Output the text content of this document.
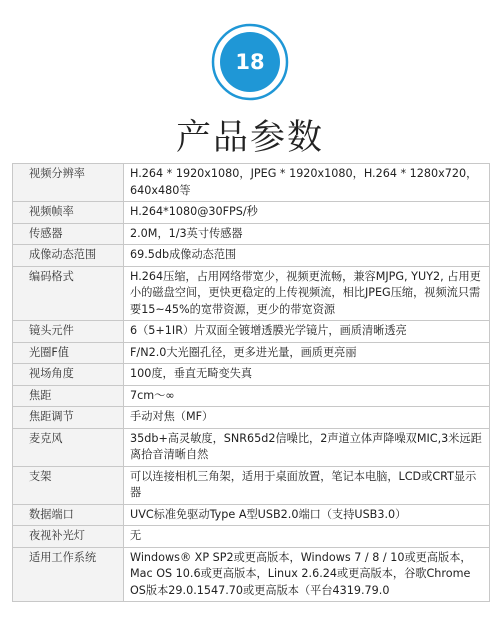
18
产品参数
视频分辨率	H.264 * 1920x1080，JPEG * 1920x1080，H.264 * 1280x720，640x480等
视频帧率	H.264*1080@30FPS/秒
传感器	2.0M，1/3英寸传感器
成像动态范围	69.5db成像动态范围
编码格式	H.264压缩，占用网络带宽少，视频更流畅，兼容MJPG, YUY2, 占用更小的磁盘空间，更快更稳定的上传视频流，相比JPEG压缩，视频流只需要15~45%的宽带资源，更少的带宽资源
镜头元件	6（5+1IR）片双面全镀增透膜光学镜片，画质清晰透亮
光圈F值	F/N2.0大光圈孔径，更多进光量，画质更亮丽
视场角度	100度，垂直无畸变失真
焦距	7cm～∞
焦距调节	手动对焦（MF）
麦克风	35db+高灵敏度，SNR65d2信噪比，2声道立体声降噪双MIC,3米远距离拾音清晰自然
支架	可以连接相机三角架，适用于桌面放置，笔记本电脑，LCD或CRT显示器
数据端口	UVC标准免驱动Type A型USB2.0端口（支持USB3.0）
夜视补光灯	无
适用工作系统	Windows® XP SP2或更高版本，Windows 7 / 8 / 10或更高版本， Mac OS 10.6或更高版本，Linux 2.6.24或更高版本，谷歌Chrome OS版本29.0.1547.70或更高版本（平台4319.79.0
